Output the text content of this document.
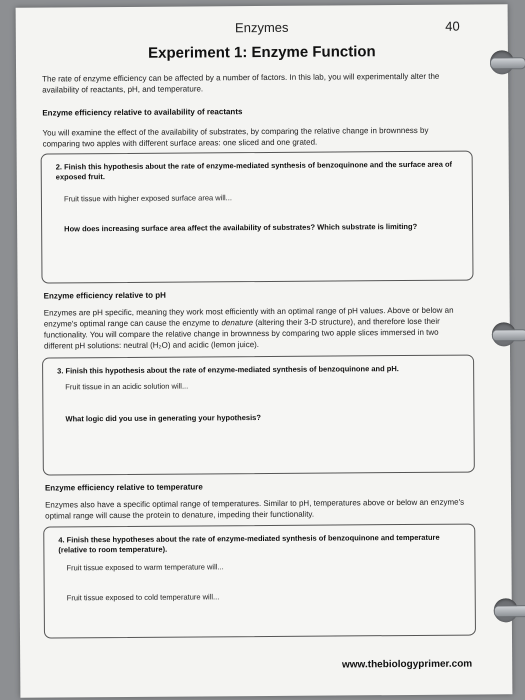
Enzymes	40
Experiment 1: Enzyme Function
The rate of enzyme efficiency can be affected by a number of factors. In this lab, you will experimentally alter the availability of reactants, pH, and temperature.
Enzyme efficiency relative to availability of reactants
You will examine the effect of the availability of substrates, by comparing the relative change in brownness by comparing two apples with different surface areas: one sliced and one grated.
2. Finish this hypothesis about the rate of enzyme-mediated synthesis of benzoquinone and the surface area of exposed fruit.
Fruit tissue with higher exposed surface area will...
How does increasing surface area affect the availability of substrates? Which substrate is limiting?
Enzyme efficiency relative to pH
Enzymes are pH specific, meaning they work most efficiently with an optimal range of pH values. Above or below an enzyme's optimal range can cause the enzyme to denature (altering their 3-D structure), and therefore lose their functionality. You will compare the relative change in brownness by comparing two apple slices immersed in two different pH solutions: neutral (H₂O) and acidic (lemon juice).
3. Finish this hypothesis about the rate of enzyme-mediated synthesis of benzoquinone and pH.
Fruit tissue in an acidic solution will...
What logic did you use in generating your hypothesis?
Enzyme efficiency relative to temperature
Enzymes also have a specific optimal range of temperatures. Similar to pH, temperatures above or below an enzyme's optimal range will cause the protein to denature, impeding their functionality.
4. Finish these hypotheses about the rate of enzyme-mediated synthesis of benzoquinone and temperature (relative to room temperature).
Fruit tissue exposed to warm temperature will...
Fruit tissue exposed to cold temperature will...
www.thebiologyprimer.com
